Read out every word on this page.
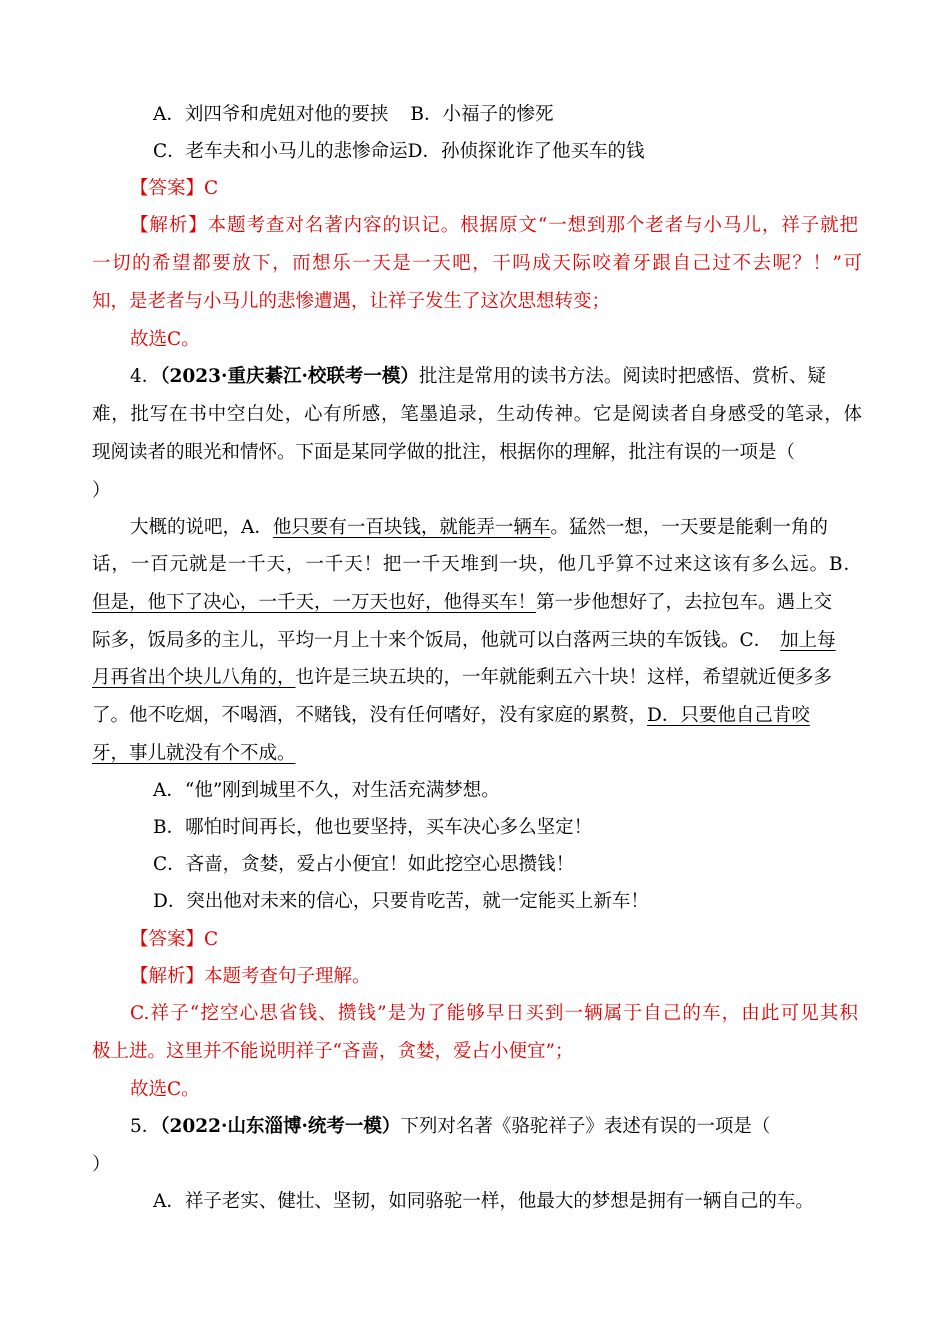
A．刘四爷和虎妞对他的要挟 B．小福子的惨死
C．老车夫和小马儿的悲惨命运D．孙侦探讹诈了他买车的钱
【答案】C
【解析】本题考查对名著内容的识记。根据原文“一想到那个老者与小马儿，祥子就把
一切的希望都要放下，而想乐一天是一天吧，干吗成天际咬着牙跟自己过不去呢？！”可
知，是老者与小马儿的悲惨遭遇，让祥子发生了这次思想转变；
故选C。
4．（2023·重庆綦江·校联考一模）批注是常用的读书方法。阅读时把感悟、赏析、疑
难，批写在书中空白处，心有所感，笔墨追录，生动传神。它是阅读者自身感受的笔录，体
现阅读者的眼光和情怀。下面是某同学做的批注，根据你的理解，批注有误的一项是（
）
大概的说吧，A．他只要有一百块钱，就能弄一辆车。猛然一想，一天要是能剩一角的
话，一百元就是一千天，一千天！把一千天堆到一块，他几乎算不过来这该有多么远。B．
但是，他下了决心，一千天，一万天也好，他得买车！第一步他想好了，去拉包车。遇上交
际多，饭局多的主儿，平均一月上十来个饭局，他就可以白落两三块的车饭钱。C． 加上每
月再省出个块儿八角的，也许是三块五块的，一年就能剩五六十块！这样，希望就近便多多
了。他不吃烟，不喝酒，不赌钱，没有任何嗜好，没有家庭的累赘，D．只要他自己肯咬
牙，事儿就没有个不成。
A．“他”刚到城里不久，对生活充满梦想。
B．哪怕时间再长，他也要坚持，买车决心多么坚定！
C．吝啬，贪婪，爱占小便宜！如此挖空心思攒钱！
D．突出他对未来的信心，只要肯吃苦，就一定能买上新车！
【答案】C
【解析】本题考查句子理解。
C.祥子“挖空心思省钱、攒钱”是为了能够早日买到一辆属于自己的车，由此可见其积
极上进。这里并不能说明祥子“吝啬，贪婪，爱占小便宜”；
故选C。
5．（2022·山东淄博·统考一模）下列对名著《骆驼祥子》表述有误的一项是（
）
A．祥子老实、健壮、坚韧，如同骆驼一样，他最大的梦想是拥有一辆自己的车。
